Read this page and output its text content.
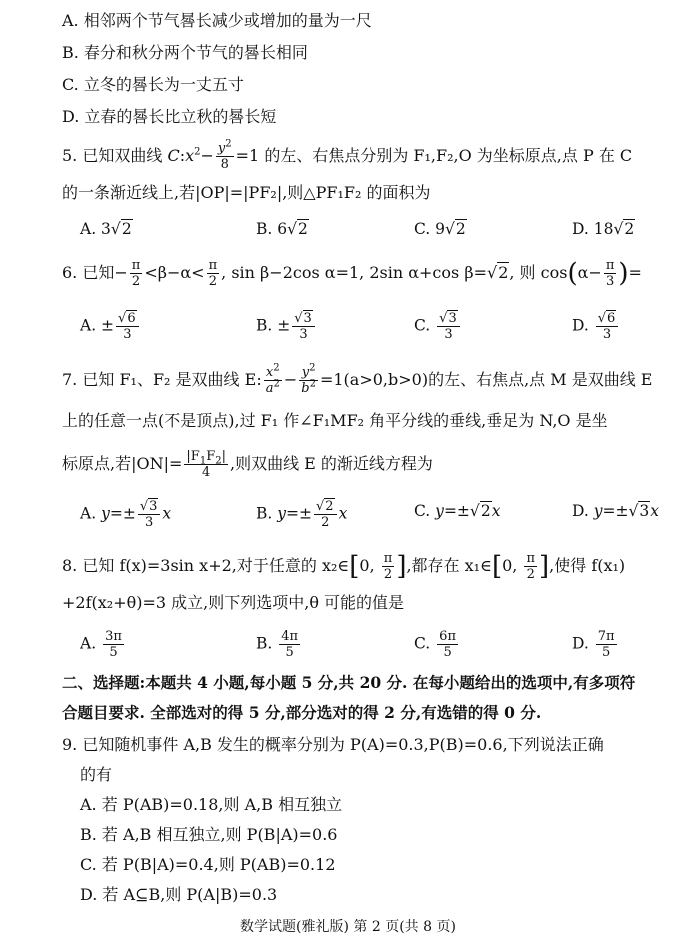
A. 相邻两个节气晷长减少或增加的量为一尺
B. 春分和秋分两个节气的晷长相同
C. 立冬的晷长为一丈五寸
D. 立春的晷长比立秋的晷长短
5. 已知双曲线 $C:x^2- \frac{y^2}{8} =1$ 的左、右焦点分别为 F₁,F₂,O 为坐标原点,点 P 在 C
的一条渐近线上,若|OP|=|PF₂|,则△PF₁F₂ 的面积为
A. 3√2	B. 6√2	C. 9√2	D. 18√2
6. 已知− $\frac{\pi}{2} <\beta-\alpha< \frac{\pi}{2}$ , sin β−2cos α=1, 2sin α+cos β=√2, 则 $\cos(\alpha- \frac{\pi}{3}$ )=
A. ± $\frac{√6}{3}$	B. ± $\frac{√3}{3}$	C. $\frac{√3}{3}$	D. $\frac{√6}{3}$
7. 已知 F₁、F₂ 是双曲线 E: $\frac{x^2}{a^2} - \frac{y^2}{b^2} =1(a>0,b>0)$的左、右焦点,点 M 是双曲线 E
上的任意一点(不是顶点),过 F₁ 作∠F₁MF₂ 角平分线的垂线,垂足为 N,O 是坐
标原点,若$|ON|= \frac{|F_1F_2|}{4}$ ,则双曲线 E 的渐近线方程为
A. $y=\pm \frac{√3}{3}$ x	B. $y=\pm \frac{√2}{2}$ x	C. y=±√2x	D. y=±√3x
8. 已知 f(x)=3sin x+2,对于任意的 x₂∈[0, $\frac{\pi}{2}$ ],都存在 x₁∈[0, $\frac{\pi}{2}$ ],使得 f(x₁)
+2f(x₂+θ)=3 成立,则下列选项中,θ 可能的值是
A. $\frac{3\pi}{5}$	B. $\frac{4\pi}{5}$	C. $\frac{6\pi}{5}$	D. $\frac{7\pi}{5}$
二、选择题:本题共 4 小题,每小题 5 分,共 20 分. 在每小题给出的选项中,有多项符
合题目要求. 全部选对的得 5 分,部分选对的得 2 分,有选错的得 0 分.
9. 已知随机事件 A,B 发生的概率分别为 P(A)=0.3,P(B)=0.6,下列说法正确
的有
A. 若 P(AB)=0.18,则 A,B 相互独立
B. 若 A,B 相互独立,则 P(B|A)=0.6
C. 若 P(B|A)=0.4,则 P(AB)=0.12
D. 若 A⊆B,则 P(A|B)=0.3
数学试题(雅礼版) 第 2 页(共 8 页)
